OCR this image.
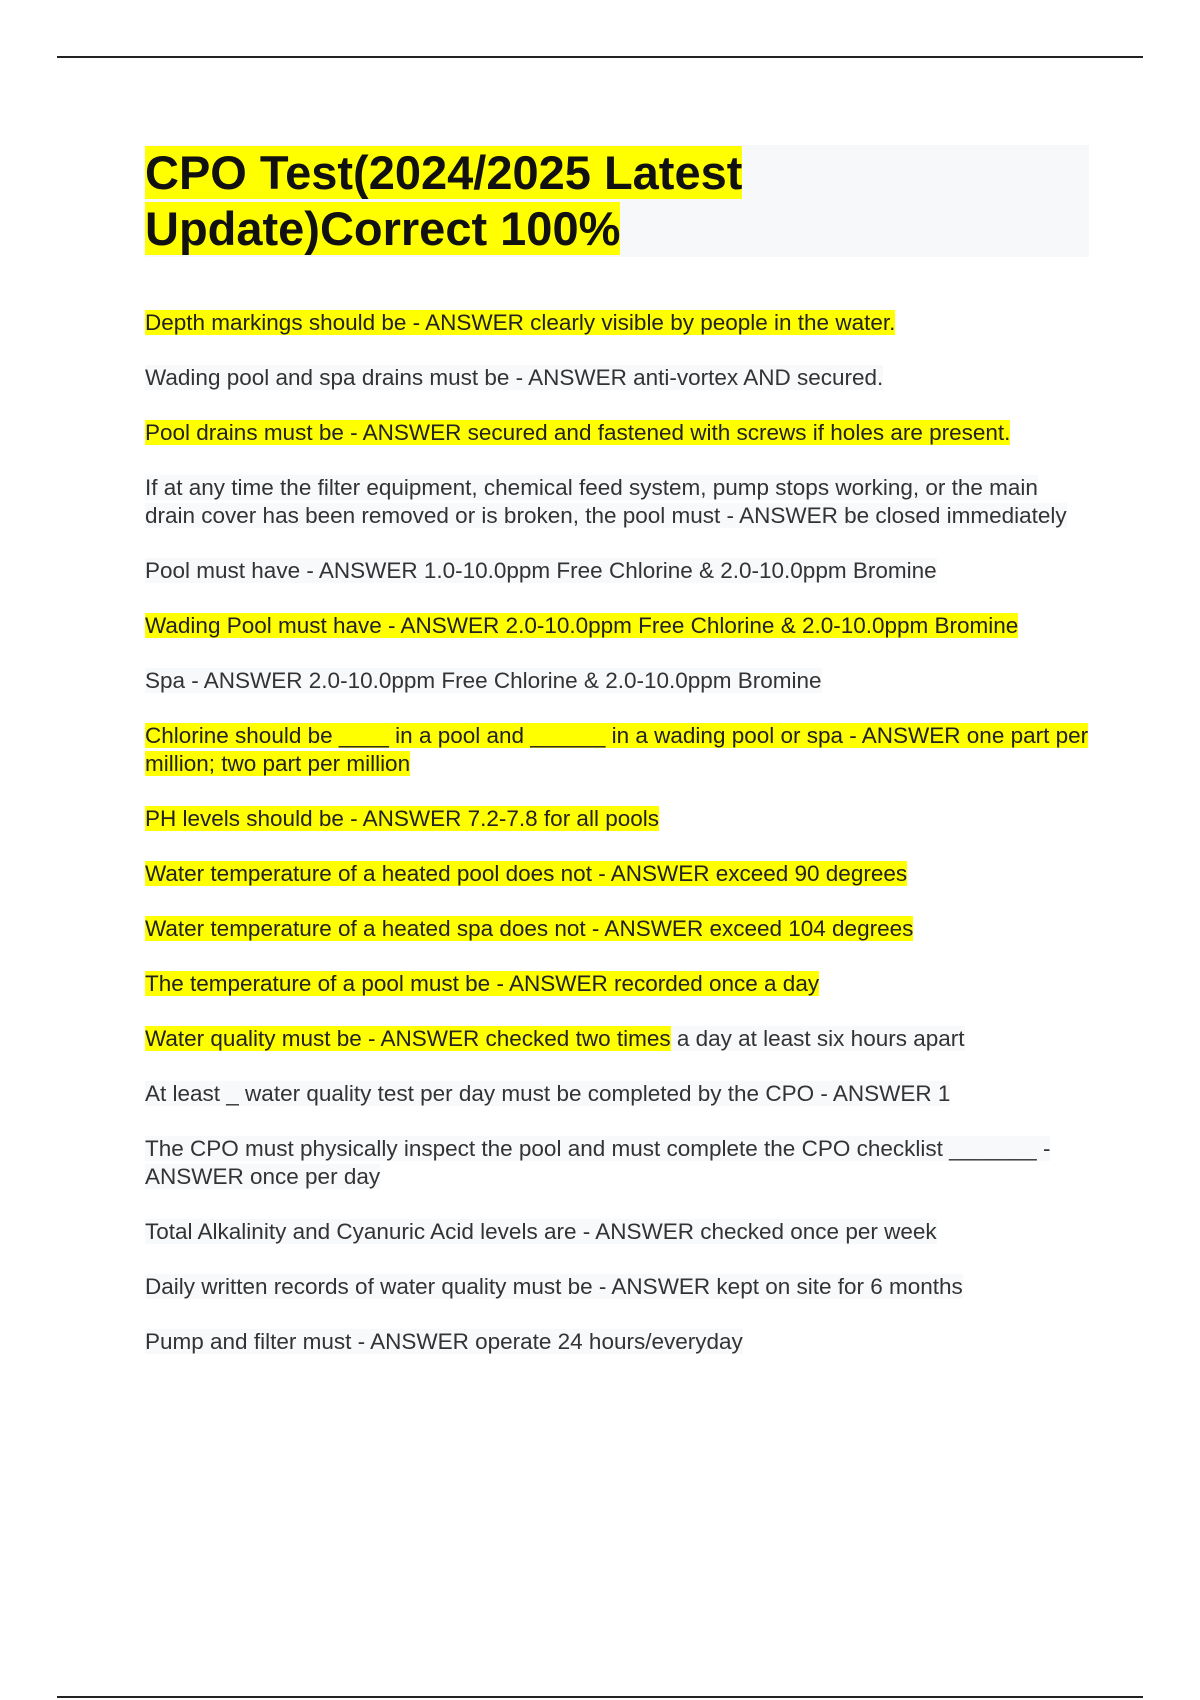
CPO Test(2024/2025 Latest
Update)Correct 100%

Depth markings should be - ANSWER clearly visible by people in the water.

Wading pool and spa drains must be - ANSWER anti-vortex AND secured.

Pool drains must be - ANSWER secured and fastened with screws if holes are present.

If at any time the filter equipment, chemical feed system, pump stops working, or the main drain cover has been removed or is broken, the pool must - ANSWER be closed immediately

Pool must have - ANSWER 1.0-10.0ppm Free Chlorine & 2.0-10.0ppm Bromine

Wading Pool must have - ANSWER 2.0-10.0ppm Free Chlorine & 2.0-10.0ppm Bromine

Spa - ANSWER 2.0-10.0ppm Free Chlorine & 2.0-10.0ppm Bromine

Chlorine should be ____ in a pool and ______ in a wading pool or spa - ANSWER one part per million; two part per million

PH levels should be - ANSWER 7.2-7.8 for all pools

Water temperature of a heated pool does not - ANSWER exceed 90 degrees

Water temperature of a heated spa does not - ANSWER exceed 104 degrees

The temperature of a pool must be - ANSWER recorded once a day

Water quality must be - ANSWER checked two times a day at least six hours apart

At least _ water quality test per day must be completed by the CPO - ANSWER 1

The CPO must physically inspect the pool and must complete the CPO checklist _______ - ANSWER once per day

Total Alkalinity and Cyanuric Acid levels are - ANSWER checked once per week

Daily written records of water quality must be - ANSWER kept on site for 6 months

Pump and filter must - ANSWER operate 24 hours/everyday
